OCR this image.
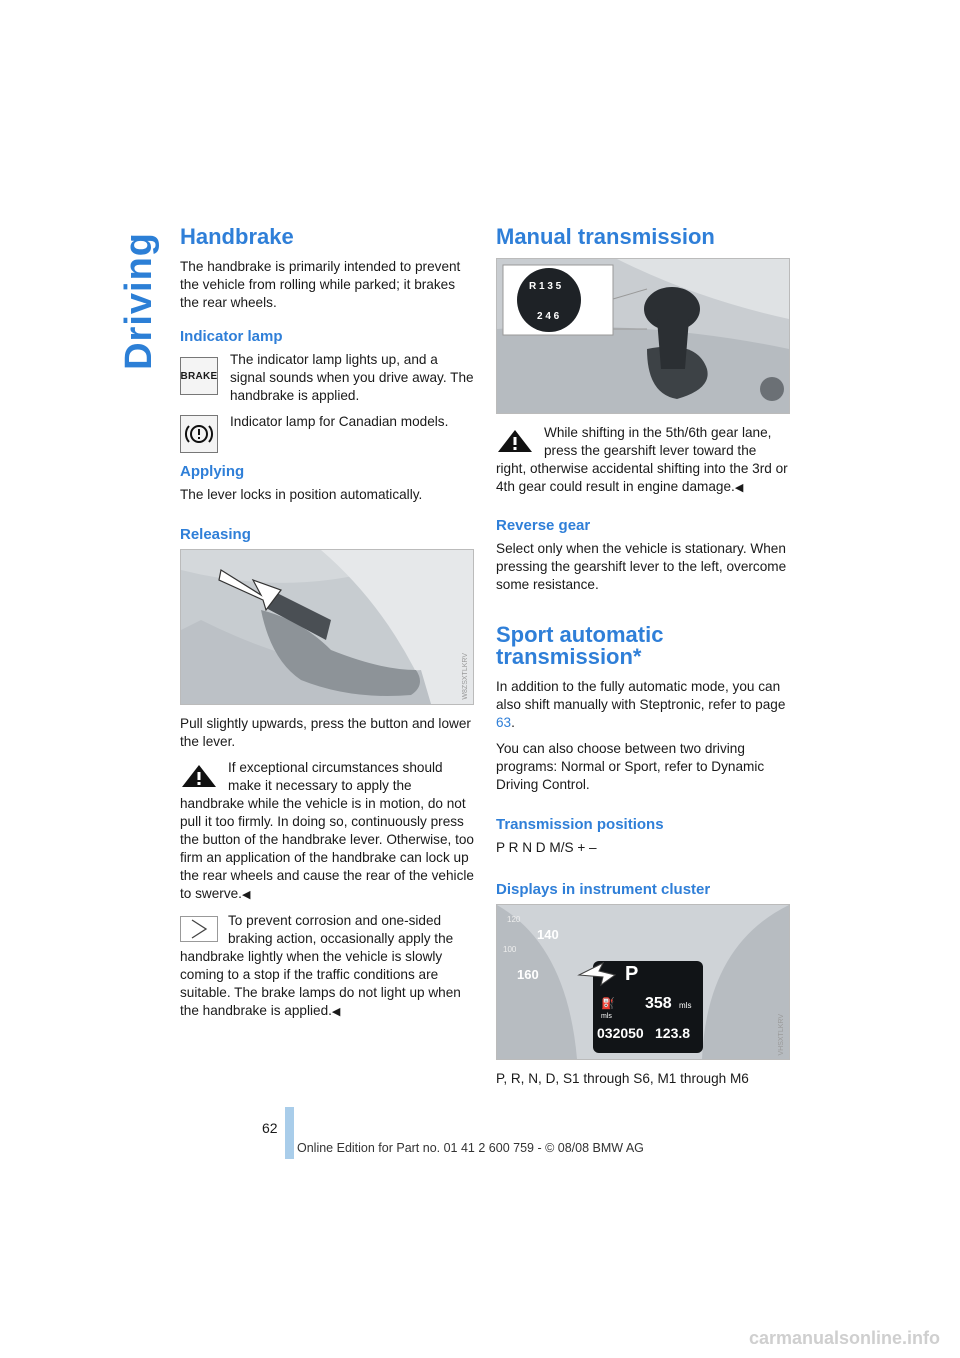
Driving Handbrake

The handbrake is primarily intended to prevent the vehicle from rolling while parked; it brakes the rear wheels.

Indicator lamp
BRAKE

The indicator lamp lights up, and a signal sounds when you drive away. The handbrake is applied.

Indicator lamp for Canadian models.

Applying

The lever locks in position automatically.

Releasing
W8ZSXTLKRV

Pull slightly upwards, press the button and lower the lever.

If exceptional circumstances should make it necessary to apply the handbrake while the vehicle is in motion, do not pull it too firmly. In doing so, continuously press the button of the handbrake lever. Otherwise, too firm an application of the handbrake can lock up the rear wheels and cause the rear of the vehicle to swerve.◀

To prevent corrosion and one-sided braking action, occasionally apply the handbrake lightly when the vehicle is slowly coming to a stop if the traffic conditions are suitable. The brake lamps do not light up when the handbrake is applied.◀

Manual transmission
R 1 3 5
2 4 6

While shifting in the 5th/6th gear lane, press the gearshift lever toward the right, otherwise accidental shifting into the 3rd or 4th gear could result in engine damage.◀

Reverse gear

Select only when the vehicle is stationary. When pressing the gearshift lever to the left, overcome some resistance.

Sport automatic transmission*

In addition to the fully automatic mode, you can also shift manually with Steptronic, refer to page 63.

You can also choose between two driving programs: Normal or Sport, refer to Dynamic Driving Control.

Transmission positions

P R N D M/S + –

Displays in instrument cluster
140
160
120
100
P
⛽
mls
358 mls
032050 123.8	VHSXTLKRV

P, R, N, D, S1 through S6, M1 through M6

62
Online Edition for Part no. 01 41 2 600 759 - © 08/08 BMW AG
carmanualsonline.info
